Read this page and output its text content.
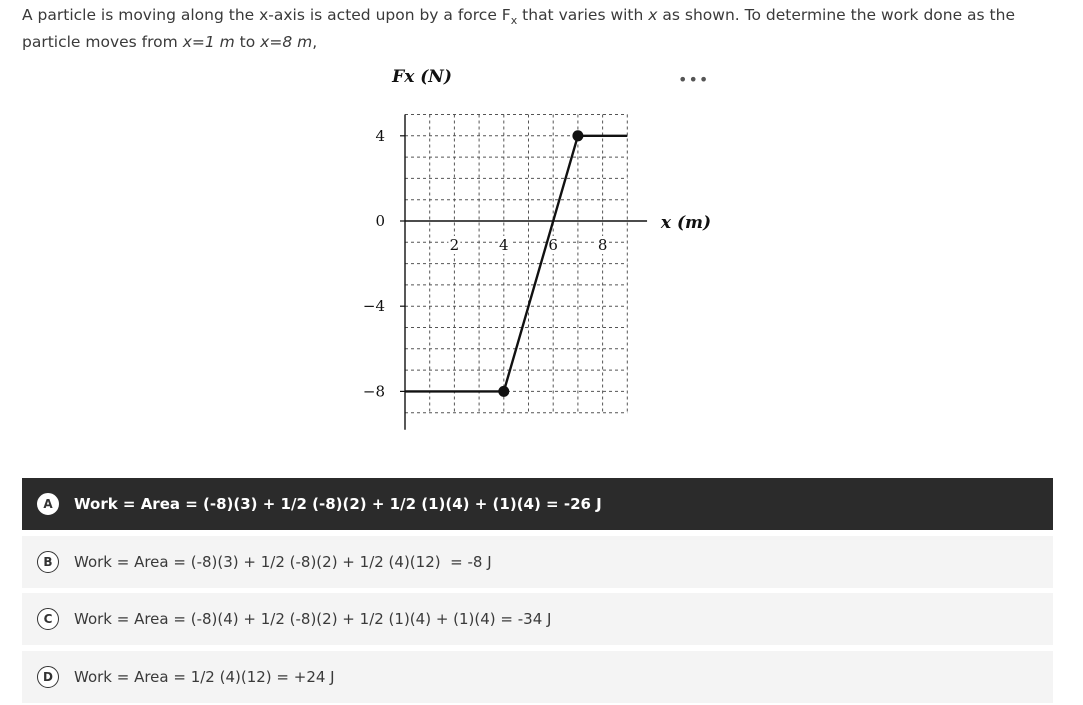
A particle is moving along the x-axis is acted upon by a force $F_x$ that varies with x as shown. To determine the work done as the particle moves from x=1 m to x=8 m,
•••
2	4	6	8
4
0
−4
−8
Fx (N)
x (m)
A	Work = Area = (-8)(3) + 1/2 (-8)(2) + 1/2 (1)(4) + (1)(4) = -26 J
B	Work = Area = (-8)(3) + 1/2 (-8)(2) + 1/2 (4)(12)  = -8 J
C	Work = Area = (-8)(4) + 1/2 (-8)(2) + 1/2 (1)(4) + (1)(4) = -34 J
D	Work = Area = 1/2 (4)(12) = +24 J
